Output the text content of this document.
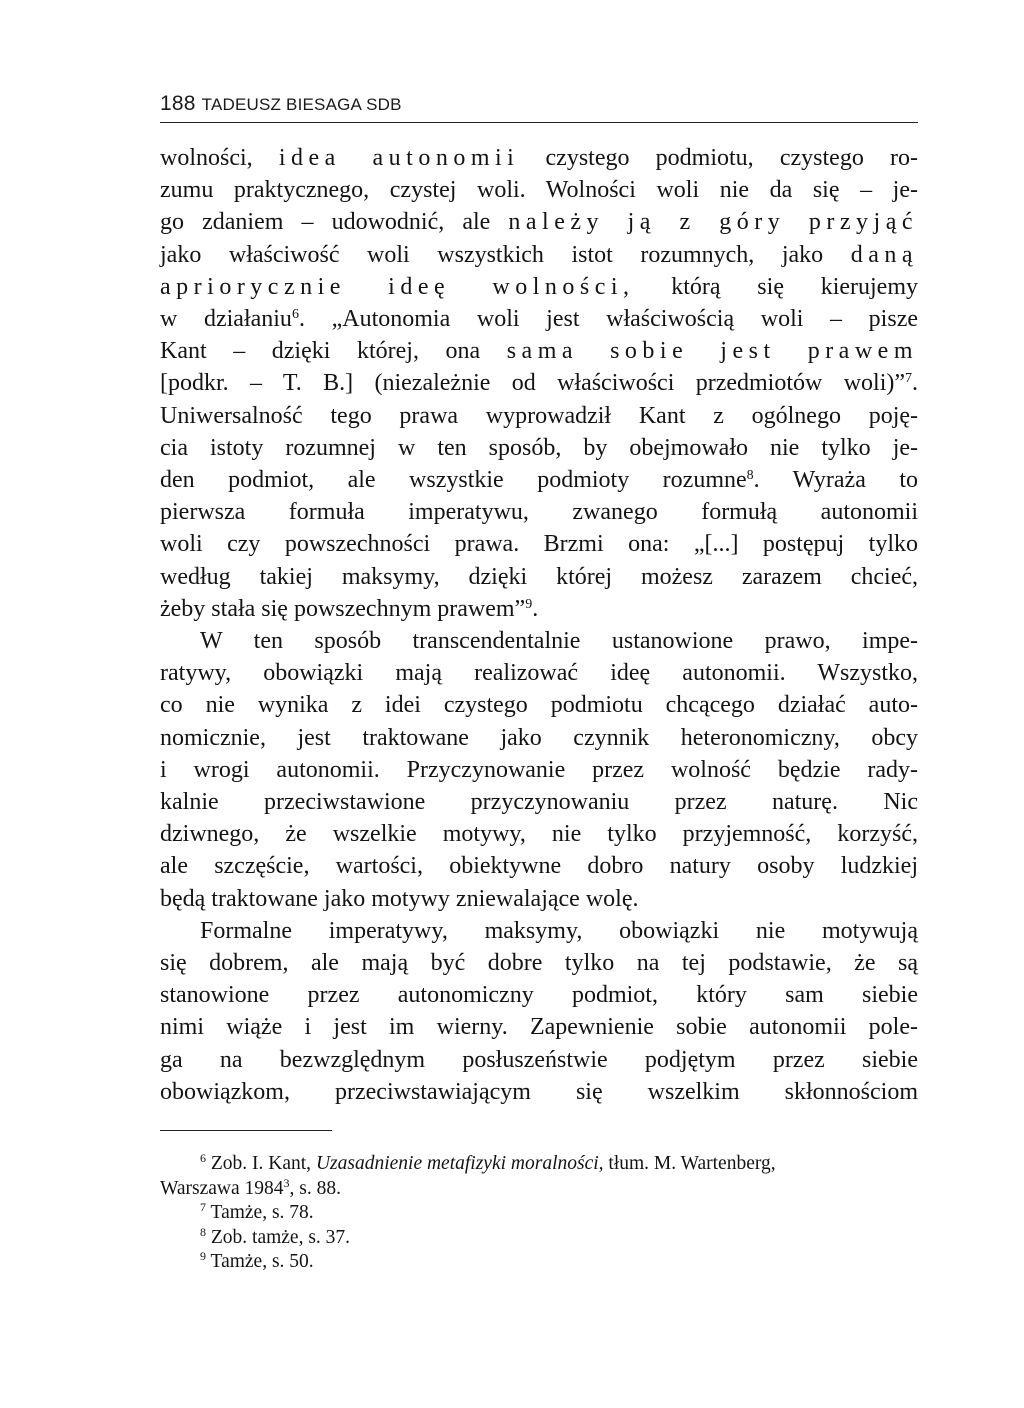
188 TADEUSZ BIESAGA SDB
wolności, idea autonomii czystego podmiotu, czystego ro-
zumu praktycznego, czystej woli. Wolności woli nie da się – je-
go zdaniem – udowodnić, ale należy ją z góry przyjąć
jako właściwość woli wszystkich istot rozumnych, jako daną
apriorycznie ideę wolności, którą się kierujemy
w działaniu$^6$. „Autonomia woli jest właściwością woli – pisze
Kant – dzięki której, ona sama sobie jest prawem
[podkr. – T. B.] (niezależnie od właściwości przedmiotów woli)”$^7$.
Uniwersalność tego prawa wyprowadził Kant z ogólnego poję-
cia istoty rozumnej w ten sposób, by obejmowało nie tylko je-
den podmiot, ale wszystkie podmioty rozumne$^8$. Wyraża to
pierwsza formuła imperatywu, zwanego formułą autonomii
woli czy powszechności prawa. Brzmi ona: „[...] postępuj tylko
według takiej maksymy, dzięki której możesz zarazem chcieć,
żeby stała się powszechnym prawem”$^9$.
W ten sposób transcendentalnie ustanowione prawo, impe-
ratywy, obowiązki mają realizować ideę autonomii. Wszystko,
co nie wynika z idei czystego podmiotu chcącego działać auto-
nomicznie, jest traktowane jako czynnik heteronomiczny, obcy
i wrogi autonomii. Przyczynowanie przez wolność będzie rady-
kalnie przeciwstawione przyczynowaniu przez naturę. Nic
dziwnego, że wszelkie motywy, nie tylko przyjemność, korzyść,
ale szczęście, wartości, obiektywne dobro natury osoby ludzkiej
będą traktowane jako motywy zniewalające wolę.
Formalne imperatywy, maksymy, obowiązki nie motywują
się dobrem, ale mają być dobre tylko na tej podstawie, że są
stanowione przez autonomiczny podmiot, który sam siebie
nimi wiąże i jest im wierny. Zapewnienie sobie autonomii pole-
ga na bezwzględnym posłuszeństwie podjętym przez siebie
obowiązkom, przeciwstawiającym się wszelkim skłonnościom
$^6$ Zob. I. Kant, Uzasadnienie metafizyki moralności, tłum. M. Wartenberg,
Warszawa 1984$^3$, s. 88.
$^7$ Tamże, s. 78.
$^8$ Zob. tamże, s. 37.
$^9$ Tamże, s. 50.
